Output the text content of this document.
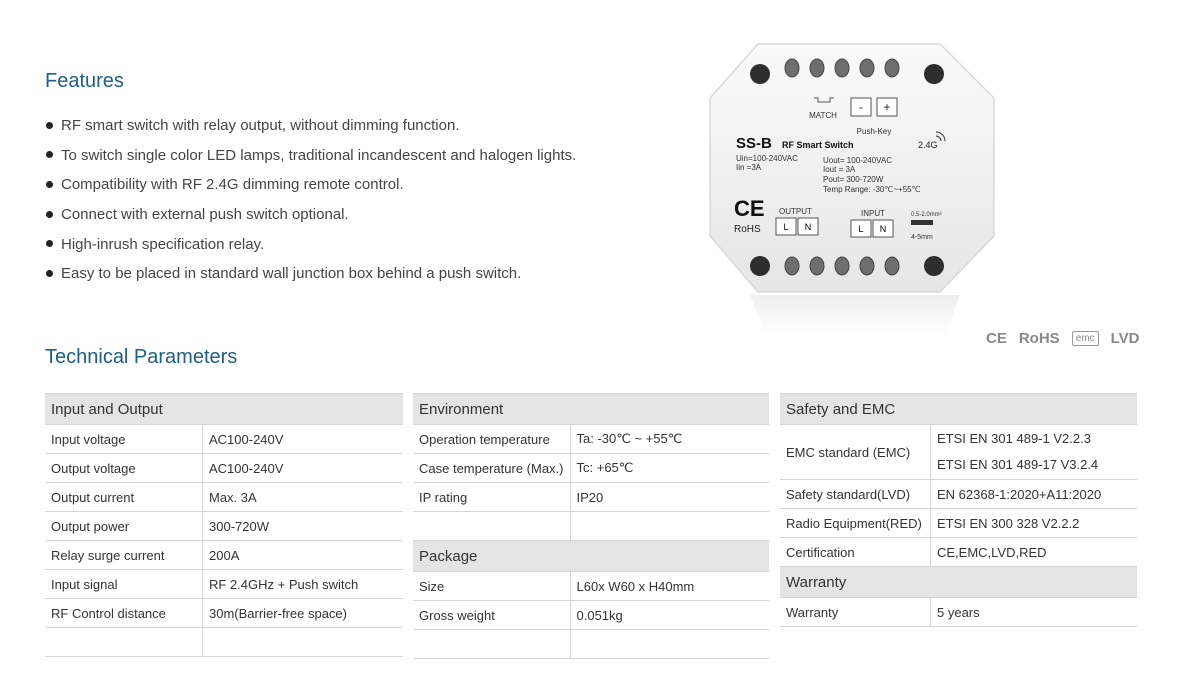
Features
RF smart switch with relay output, without dimming function.
To switch single color LED lamps, traditional incandescent and halogen lights.
Compatibility with RF 2.4G dimming remote control.
Connect with external push switch optional.
High-inrush specification relay.
Easy to be placed in standard wall junction box behind a push switch.
MATCH
- +
Push-Key
SS-B RF Smart Switch	2.4G
Uin=100-240VAC
Iin =3A
Uout= 100-240VAC
Iout = 3A
Pout= 300-720W
Temp Range: -30℃~+55℃
CE
RoHS
OUTPUT
L N
INPUT
L N
0.5-2.0mm²
4-5mm
CE RoHS	emc LVD
Technical Parameters
Input and Output	
Input voltage	AC100-240V
Output voltage	AC100-240V
Output current	Max. 3A
Output power	300-720W
Relay surge current	200A
Input signal	RF 2.4GHz + Push switch
RF Control distance	30m(Barrier-free space)

Environment	
Operation temperature	Ta: -30℃ ~ +55℃
Case temperature (Max.)	Tc: +65℃
IP rating	IP20

Package	
Size	L60x W60 x H40mm
Gross weight	0.051kg

Safety and EMC	
EMC standard (EMC)	ETSI EN 301 489-1 V2.2.3
ETSI EN 301 489-17 V3.2.4

Safety standard(LVD)	EN 62368-1:2020+A11:2020
Radio Equipment(RED)	ETSI EN 300 328 V2.2.2
Certification	CE,EMC,LVD,RED
Warranty	
Warranty	5 years
